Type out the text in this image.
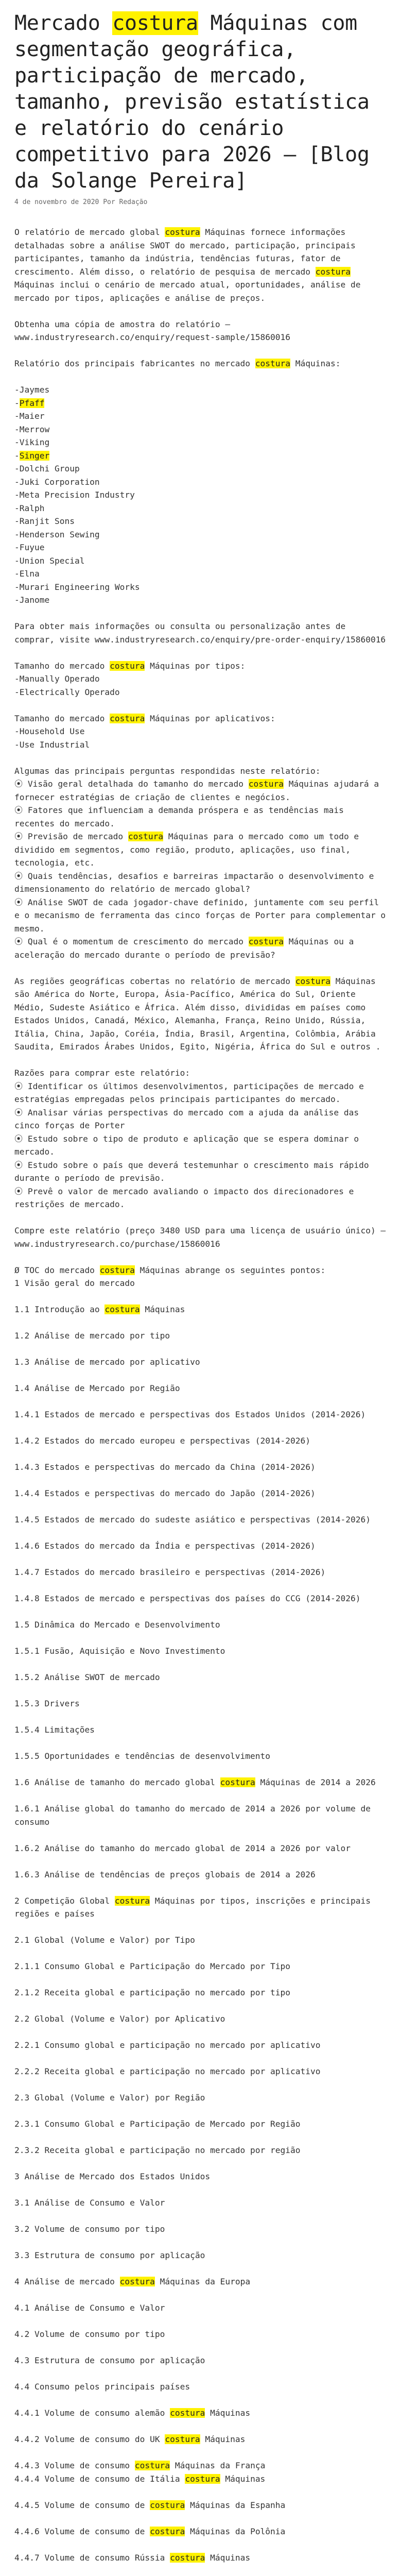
Mercado costura Máquinas com segmentação geográfica, participação de mercado, tamanho, previsão estatística e relatório do cenário competitivo para 2026 – [Blog da Solange Pereira]
4 de novembro de 2020 Por Redação

O relatório de mercado global costura Máquinas fornece informações detalhadas sobre a análise SWOT do mercado, participação, principais participantes, tamanho da indústria, tendências futuras, fator de crescimento. Além disso, o relatório de pesquisa de mercado costura Máquinas inclui o cenário de mercado atual, oportunidades, análise de mercado por tipos, aplicações e análise de preços.

Obtenha uma cópia de amostra do relatório – www.industryresearch.co/enquiry/request-sample/15860016

Relatório dos principais fabricantes no mercado costura Máquinas:

-Jaymes
-Pfaff
-Maier
-Merrow
-Viking
-Singer
-Dolchi Group
-Juki Corporation
-Meta Precision Industry
-Ralph
-Ranjit Sons
-Henderson Sewing
-Fuyue
-Union Special
-Elna
-Murari Engineering Works
-Janome

Para obter mais informações ou consulta ou personalização antes de comprar, visite www.industryresearch.co/enquiry/pre-order-enquiry/15860016

Tamanho do mercado costura Máquinas por tipos:
-Manually Operado
-Electrically Operado

Tamanho do mercado costura Máquinas por aplicativos:
-Household Use
-Use Industrial

Algumas das principais perguntas respondidas neste relatório:
⦿ Visão geral detalhada do tamanho do mercado costura Máquinas ajudará a fornecer estratégias de criação de clientes e negócios.
⦿ Fatores que influenciam a demanda próspera e as tendências mais recentes do mercado.
⦿ Previsão de mercado costura Máquinas para o mercado como um todo e dividido em segmentos, como região, produto, aplicações, uso final, tecnologia, etc.
⦿ Quais tendências, desafios e barreiras impactarão o desenvolvimento e dimensionamento do relatório de mercado global?
⦿ Análise SWOT de cada jogador-chave definido, juntamente com seu perfil e o mecanismo de ferramenta das cinco forças de Porter para complementar o mesmo.
⦿ Qual é o momentum de crescimento do mercado costura Máquinas ou a aceleração do mercado durante o período de previsão?

As regiões geográficas cobertas no relatório de mercado costura Máquinas são América do Norte, Europa, Ásia-Pacífico, América do Sul, Oriente Médio, Sudeste Asiático e África. Além disso, divididas em países como Estados Unidos, Canadá, México, Alemanha, França, Reino Unido, Rússia, Itália, China, Japão, Coréia, Índia, Brasil, Argentina, Colômbia, Arábia Saudita, Emirados Árabes Unidos, Egito, Nigéria, África do Sul e outros .

Razões para comprar este relatório:
⦿ Identificar os últimos desenvolvimentos, participações de mercado e estratégias empregadas pelos principais participantes do mercado.
⦿ Analisar várias perspectivas do mercado com a ajuda da análise das cinco forças de Porter
⦿ Estudo sobre o tipo de produto e aplicação que se espera dominar o mercado.
⦿ Estudo sobre o país que deverá testemunhar o crescimento mais rápido durante o período de previsão.
⦿ Prevê o valor de mercado avaliando o impacto dos direcionadores e restrições de mercado.

Compre este relatório (preço 3480 USD para uma licença de usuário único) – www.industryresearch.co/purchase/15860016

Ø TOC do mercado costura Máquinas abrange os seguintes pontos:
1 Visão geral do mercado

1.1 Introdução ao costura Máquinas

1.2 Análise de mercado por tipo

1.3 Análise de mercado por aplicativo

1.4 Análise de Mercado por Região

1.4.1 Estados de mercado e perspectivas dos Estados Unidos (2014-2026)

1.4.2 Estados do mercado europeu e perspectivas (2014-2026)

1.4.3 Estados e perspectivas do mercado da China (2014-2026)

1.4.4 Estados e perspectivas do mercado do Japão (2014-2026)

1.4.5 Estados de mercado do sudeste asiático e perspectivas (2014-2026)

1.4.6 Estados do mercado da Índia e perspectivas (2014-2026)

1.4.7 Estados do mercado brasileiro e perspectivas (2014-2026)

1.4.8 Estados de mercado e perspectivas dos países do CCG (2014-2026)

1.5 Dinâmica do Mercado e Desenvolvimento

1.5.1 Fusão, Aquisição e Novo Investimento

1.5.2 Análise SWOT de mercado

1.5.3 Drivers

1.5.4 Limitações

1.5.5 Oportunidades e tendências de desenvolvimento

1.6 Análise de tamanho do mercado global costura Máquinas de 2014 a 2026

1.6.1 Análise global do tamanho do mercado de 2014 a 2026 por volume de consumo

1.6.2 Análise do tamanho do mercado global de 2014 a 2026 por valor

1.6.3 Análise de tendências de preços globais de 2014 a 2026

2 Competição Global costura Máquinas por tipos, inscrições e principais regiões e países

2.1 Global (Volume e Valor) por Tipo

2.1.1 Consumo Global e Participação do Mercado por Tipo

2.1.2 Receita global e participação no mercado por tipo

2.2 Global (Volume e Valor) por Aplicativo

2.2.1 Consumo global e participação no mercado por aplicativo

2.2.2 Receita global e participação no mercado por aplicativo

2.3 Global (Volume e Valor) por Região

2.3.1 Consumo Global e Participação de Mercado por Região

2.3.2 Receita global e participação no mercado por região

3 Análise de Mercado dos Estados Unidos

3.1 Análise de Consumo e Valor

3.2 Volume de consumo por tipo

3.3 Estrutura de consumo por aplicação

4 Análise de mercado costura Máquinas da Europa

4.1 Análise de Consumo e Valor

4.2 Volume de consumo por tipo

4.3 Estrutura de consumo por aplicação

4.4 Consumo pelos principais países

4.4.1 Volume de consumo alemão costura Máquinas

4.4.2 Volume de consumo do UK costura Máquinas

4.4.3 Volume de consumo costura Máquinas da França
4.4.4 Volume de consumo de Itália costura Máquinas

4.4.5 Volume de consumo de costura Máquinas da Espanha

4.4.6 Volume de consumo de costura Máquinas da Polônia

4.4.7 Volume de consumo Rússia costura Máquinas
